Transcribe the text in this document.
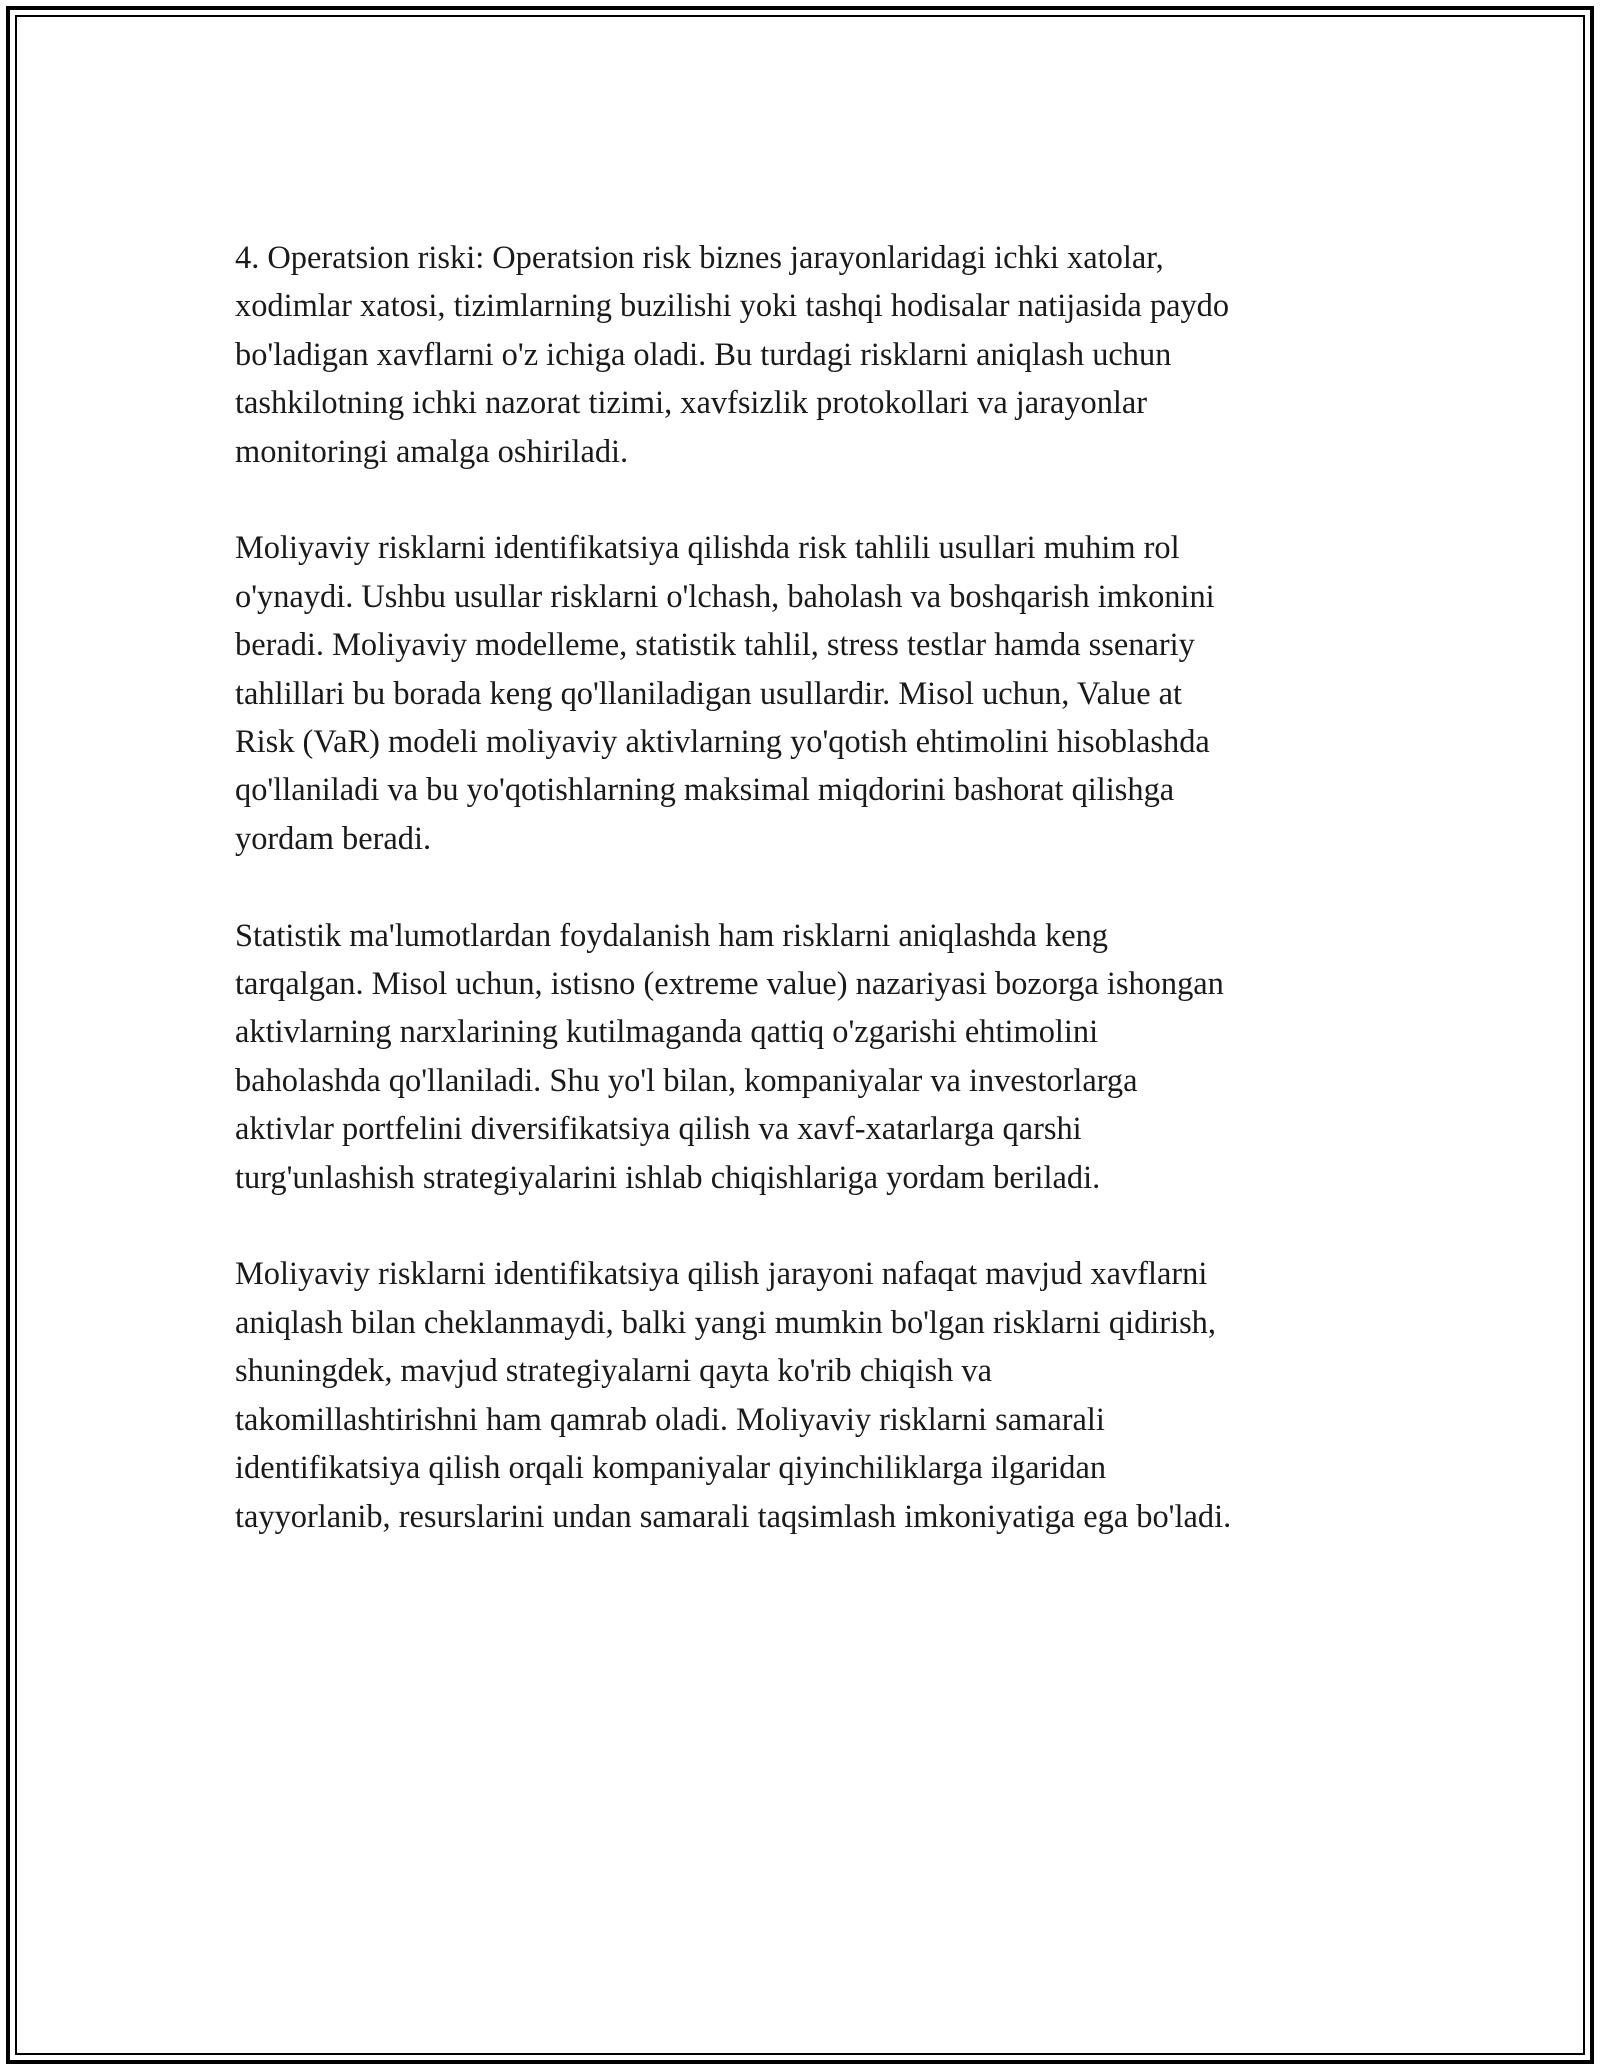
4. Operatsion riski: Operatsion risk biznes jarayonlaridagi ichki xatolar,
xodimlar xatosi, tizimlarning buzilishi yoki tashqi hodisalar natijasida paydo
bo'ladigan xavflarni o'z ichiga oladi. Bu turdagi risklarni aniqlash uchun
tashkilotning ichki nazorat tizimi, xavfsizlik protokollari va jarayonlar
monitoringi amalga oshiriladi.

Moliyaviy risklarni identifikatsiya qilishda risk tahlili usullari muhim rol
o'ynaydi. Ushbu usullar risklarni o'lchash, baholash va boshqarish imkonini
beradi. Moliyaviy modelleme, statistik tahlil, stress testlar hamda ssenariy
tahlillari bu borada keng qo'llaniladigan usullardir. Misol uchun, Value at
Risk (VaR) modeli moliyaviy aktivlarning yo'qotish ehtimolini hisoblashda
qo'llaniladi va bu yo'qotishlarning maksimal miqdorini bashorat qilishga
yordam beradi.

Statistik ma'lumotlardan foydalanish ham risklarni aniqlashda keng
tarqalgan. Misol uchun, istisno (extreme value) nazariyasi bozorga ishongan
aktivlarning narxlarining kutilmaganda qattiq o'zgarishi ehtimolini
baholashda qo'llaniladi. Shu yo'l bilan, kompaniyalar va investorlarga
aktivlar portfelini diversifikatsiya qilish va xavf-xatarlarga qarshi
turg'unlashish strategiyalarini ishlab chiqishlariga yordam beriladi.

Moliyaviy risklarni identifikatsiya qilish jarayoni nafaqat mavjud xavflarni
aniqlash bilan cheklanmaydi, balki yangi mumkin bo'lgan risklarni qidirish,
shuningdek, mavjud strategiyalarni qayta ko'rib chiqish va
takomillashtirishni ham qamrab oladi. Moliyaviy risklarni samarali
identifikatsiya qilish orqali kompaniyalar qiyinchiliklarga ilgaridan
tayyorlanib, resurslarini undan samarali taqsimlash imkoniyatiga ega bo'ladi.
